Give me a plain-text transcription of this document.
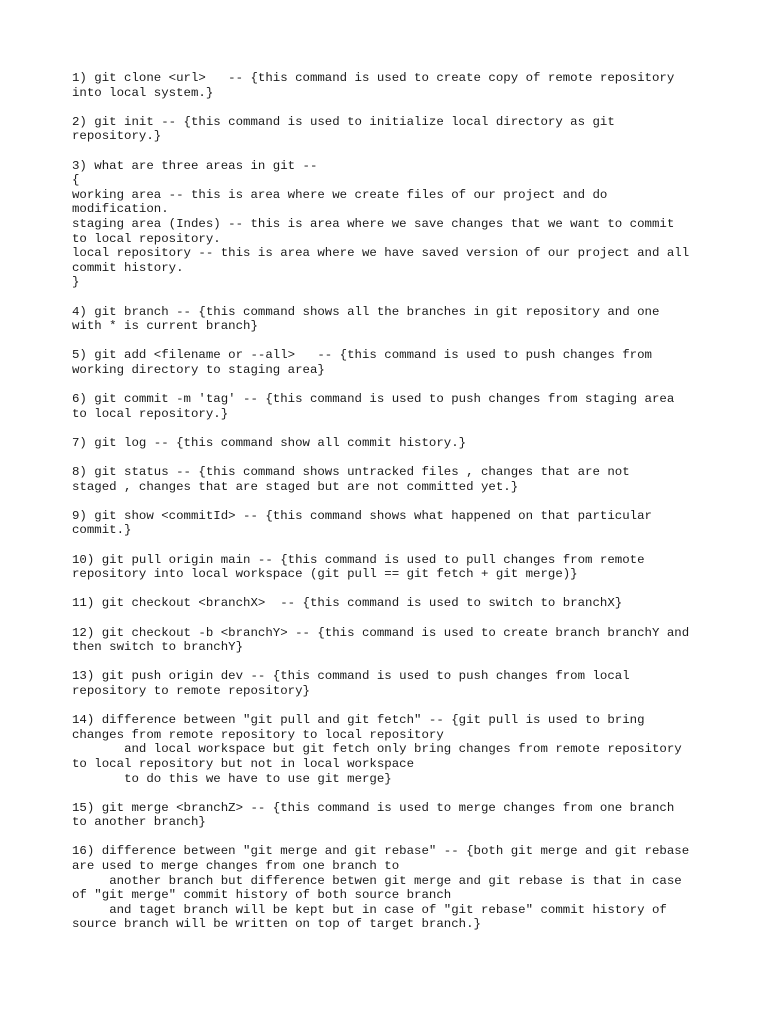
1) git clone <url>   -- {this command is used to create copy of remote repository
into local system.}
2) git init -- {this command is used to initialize local directory as git
repository.}
3) what are three areas in git --
{
working area -- this is area where we create files of our project and do
modification.
staging area (Indes) -- this is area where we save changes that we want to commit
to local repository.
local repository -- this is area where we have saved version of our project and all
commit history.
}
4) git branch -- {this command shows all the branches in git repository and one
with * is current branch}
5) git add <filename or --all>   -- {this command is used to push changes from
working directory to staging area}
6) git commit -m 'tag' -- {this command is used to push changes from staging area
to local repository.}
7) git log -- {this command show all commit history.}
8) git status -- {this command shows untracked files , changes that are not
staged , changes that are staged but are not committed yet.}
9) git show <commitId> -- {this command shows what happened on that particular
commit.}
10) git pull origin main -- {this command is used to pull changes from remote
repository into local workspace (git pull == git fetch + git merge)}
11) git checkout <branchX>  -- {this command is used to switch to branchX}
12) git checkout -b <branchY> -- {this command is used to create branch branchY and
then switch to branchY}
13) git push origin dev -- {this command is used to push changes from local
repository to remote repository}
14) difference between "git pull and git fetch" -- {git pull is used to bring
changes from remote repository to local repository
and local workspace but git fetch only bring changes from remote repository
to local repository but not in local workspace
to do this we have to use git merge}
15) git merge <branchZ> -- {this command is used to merge changes from one branch
to another branch}
16) difference between "git merge and git rebase" -- {both git merge and git rebase
are used to merge changes from one branch to
another branch but difference betwen git merge and git rebase is that in case
of "git merge" commit history of both source branch
and taget branch will be kept but in case of "git rebase" commit history of
source branch will be written on top of target branch.}
